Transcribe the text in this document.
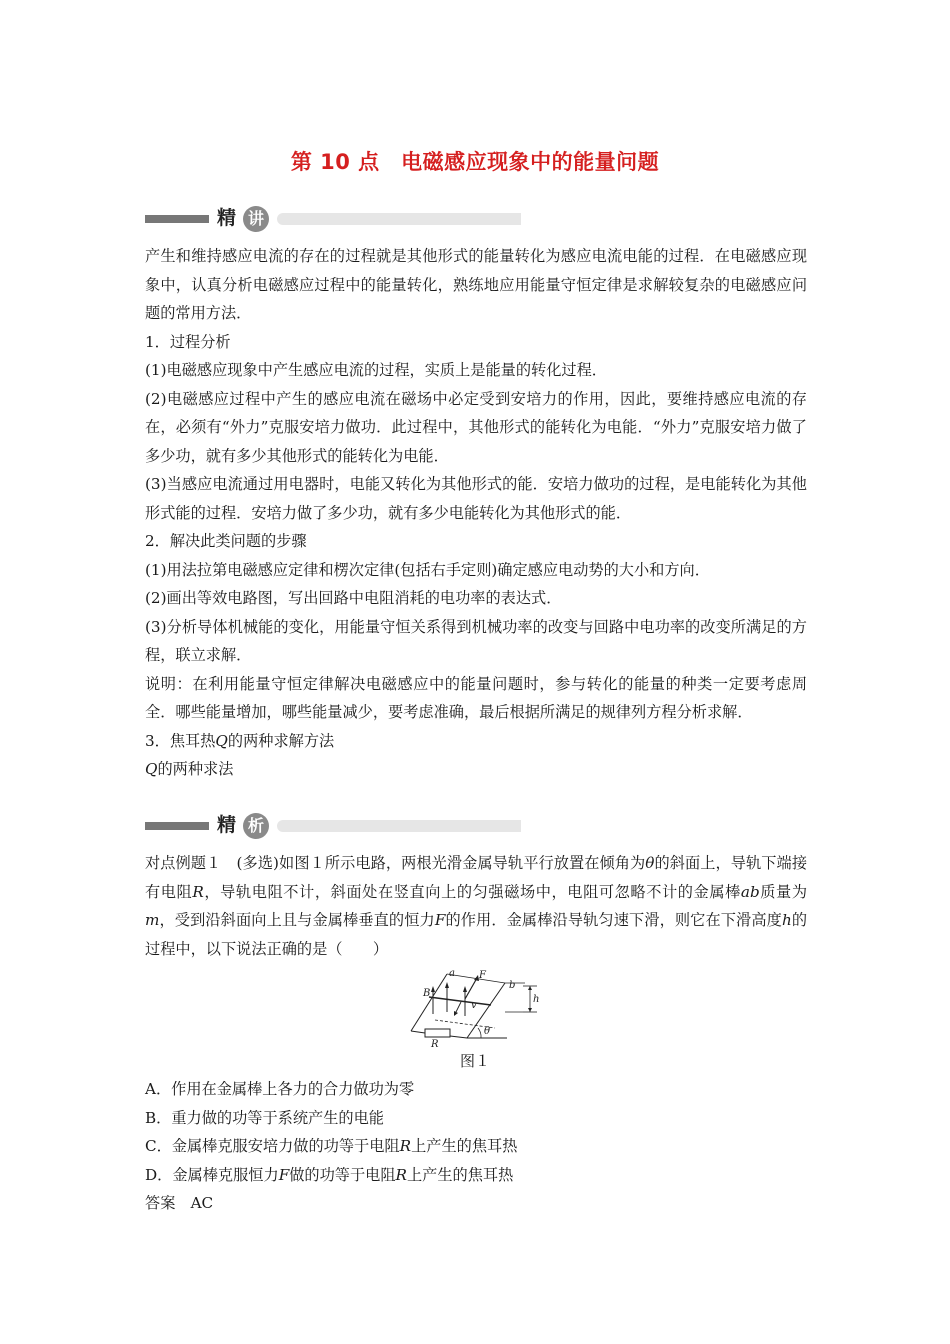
第 10 点　电磁感应现象中的能量问题
精 讲

产生和维持感应电流的存在的过程就是其他形式的能量转化为感应电流电能的过程．在电磁感应现象中，认真分析电磁感应过程中的能量转化，熟练地应用能量守恒定律是求解较复杂的电磁感应问题的常用方法．

1．过程分析

(1)电磁感应现象中产生感应电流的过程，实质上是能量的转化过程．

(2)电磁感应过程中产生的感应电流在磁场中必定受到安培力的作用，因此，要维持感应电流的存在，必须有“外力”克服安培力做功．此过程中，其他形式的能转化为电能．“外力”克服安培力做了多少功，就有多少其他形式的能转化为电能．

(3)当感应电流通过用电器时，电能又转化为其他形式的能．安培力做功的过程，是电能转化为其他形式能的过程．安培力做了多少功，就有多少电能转化为其他形式的能．

2．解决此类问题的步骤

(1)用法拉第电磁感应定律和楞次定律(包括右手定则)确定感应电动势的大小和方向．

(2)画出等效电路图，写出回路中电阻消耗的电功率的表达式．

(3)分析导体机械能的变化，用能量守恒关系得到机械功率的改变与回路中电功率的改变所满足的方程，联立求解．

说明：在利用能量守恒定律解决电磁感应中的能量问题时，参与转化的能量的种类一定要考虑周全．哪些能量增加，哪些能量减少，要考虑准确，最后根据所满足的规律列方程分析求解．

3．焦耳热Q的两种求解方法

Q的两种求法

精 析

对点例题１　(多选)如图１所示电路，两根光滑金属导轨平行放置在倾角为θ的斜面上，导轨下端接有电阻R，导轨电阻不计，斜面处在竖直向上的匀强磁场中，电阻可忽略不计的金属棒ab质量为m，受到沿斜面向上且与金属棒垂直的恒力F的作用．金属棒沿导轨匀速下滑，则它在下滑高度h的过程中，以下说法正确的是（　　）

a
b
B
F
v
h
R
θ
图１

A．作用在金属棒上各力的合力做功为零

B．重力做的功等于系统产生的电能

C．金属棒克服安培力做的功等于电阻R上产生的焦耳热

D．金属棒克服恒力F做的功等于电阻R上产生的焦耳热

答案　AC
